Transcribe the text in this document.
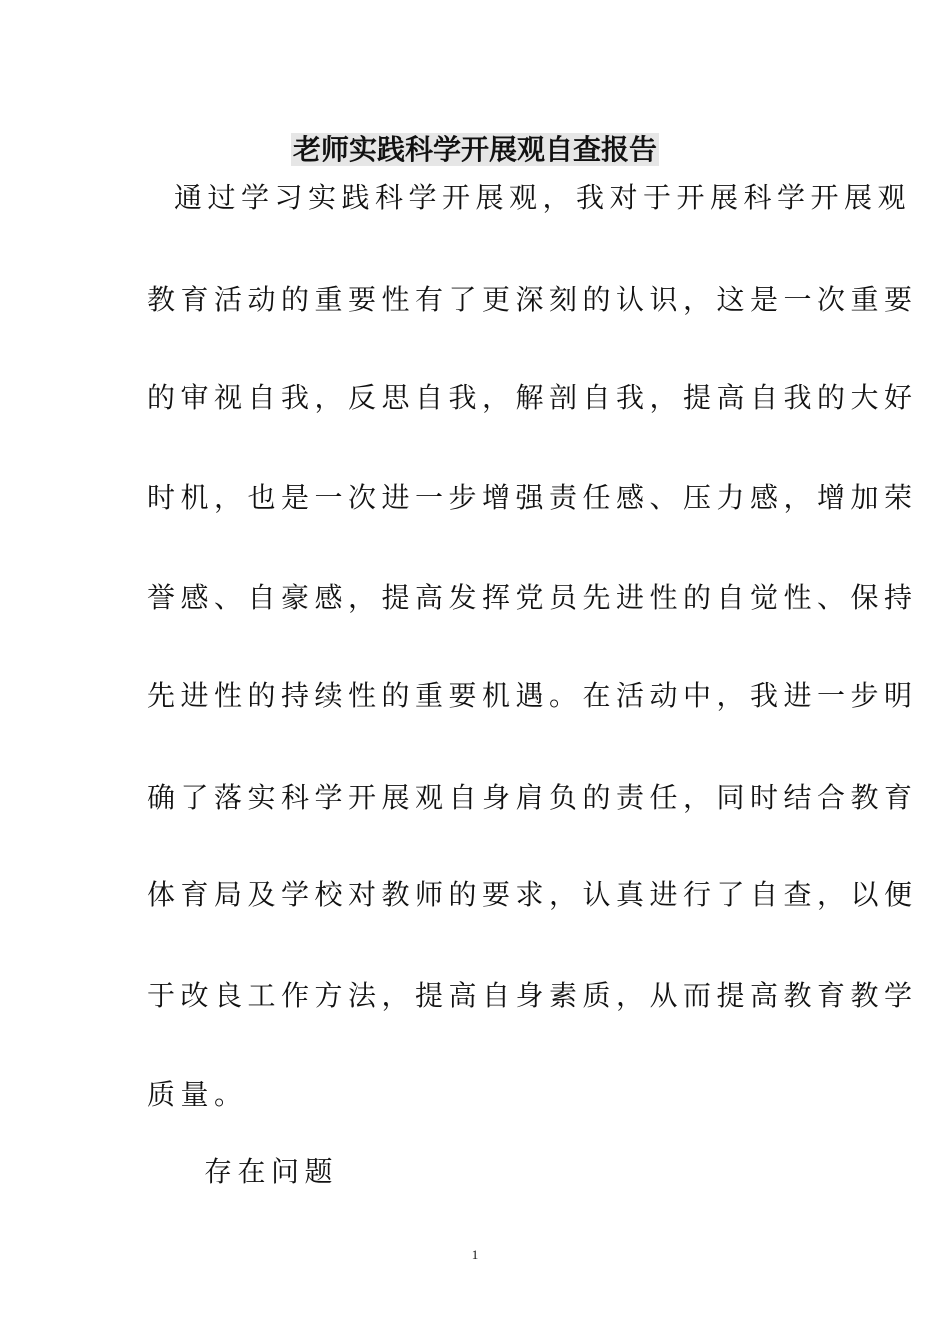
老师实践科学开展观自查报告
通过学习实践科学开展观，我对于开展科学开展观
教育活动的重要性有了更深刻的认识，这是一次重要
的审视自我，反思自我，解剖自我，提高自我的大好
时机，也是一次进一步增强责任感、压力感，增加荣
誉感、自豪感，提高发挥党员先进性的自觉性、保持
先进性的持续性的重要机遇。在活动中，我进一步明
确了落实科学开展观自身肩负的责任，同时结合教育
体育局及学校对教师的要求，认真进行了自查，以便
于改良工作方法，提高自身素质，从而提高教育教学
质量。
存在问题
1
